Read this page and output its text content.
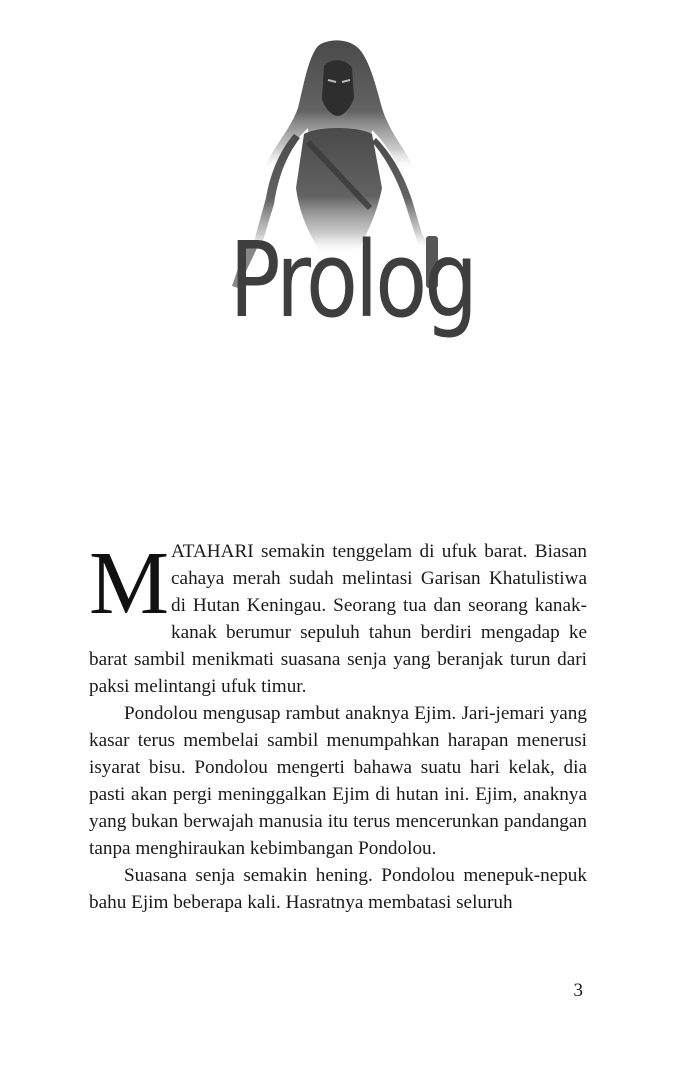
Prolog

MATAHARI semakin tenggelam di ufuk barat. Biasan cahaya merah sudah melintasi Garisan Khatulistiwa di Hutan Keningau. Seorang tua dan seorang kanak-kanak berumur sepuluh tahun berdiri mengadap ke barat sambil menikmati suasana senja yang beranjak turun dari paksi melintangi ufuk timur.

Pondolou mengusap rambut anaknya Ejim. Jari-jemari yang kasar terus membelai sambil menumpahkan harapan menerusi isyarat bisu. Pondolou mengerti bahawa suatu hari kelak, dia pasti akan pergi meninggalkan Ejim di hutan ini. Ejim, anaknya yang bukan berwajah manusia itu terus mencerunkan pandangan tanpa menghiraukan kebimbangan Pondolou.

Suasana senja semakin hening. Pondolou menepuk-nepuk bahu Ejim beberapa kali. Hasratnya membatasi seluruh

3
